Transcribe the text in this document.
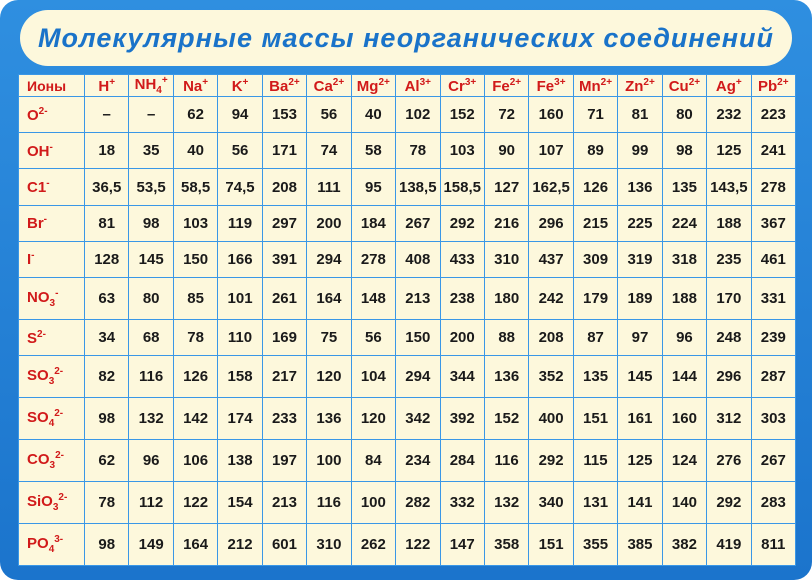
Молекулярные массы неорганических соединений
Ионы	H+	$NH_4^+$	Na+	K+	$Ba^{2+}$	$Ca^{2+}$	$Mg^{2+}$	$Al^{3+}$	$Cr^{3+}$	$Fe^{2+}$	$Fe^{3+}$	$Mn^{2+}$	$Zn^{2+}$	$Cu^{2+}$	Ag+	$Pb^{2+}$
$O^{2-}$	–	–	62	94	153	56	40	102	152	72	160	71	81	80	232	223
OH-	18	35	40	56	171	74	58	78	103	90	107	89	99	98	125	241
C1-	36,5	53,5	58,5	74,5	208	111	95	138,5	158,5	127	162,5	126	136	135	143,5	278
Br-	81	98	103	119	297	200	184	267	292	216	296	215	225	224	188	367
I-	128	145	150	166	391	294	278	408	433	310	437	309	319	318	235	461
$NO_3^-$	63	80	85	101	261	164	148	213	238	180	242	179	189	188	170	331
$S^{2-}$	34	68	78	110	169	75	56	150	200	88	208	87	97	96	248	239
$SO_3^{2-}$	82	116	126	158	217	120	104	294	344	136	352	135	145	144	296	287
$SO_4^{2-}$	98	132	142	174	233	136	120	342	392	152	400	151	161	160	312	303
$CO_3^{2-}$	62	96	106	138	197	100	84	234	284	116	292	115	125	124	276	267
SiO$_3^{2-}$	78	112	122	154	213	116	100	282	332	132	340	131	141	140	292	283
$PO_4^{3-}$	98	149	164	212	601	310	262	122	147	358	151	355	385	382	419	811
